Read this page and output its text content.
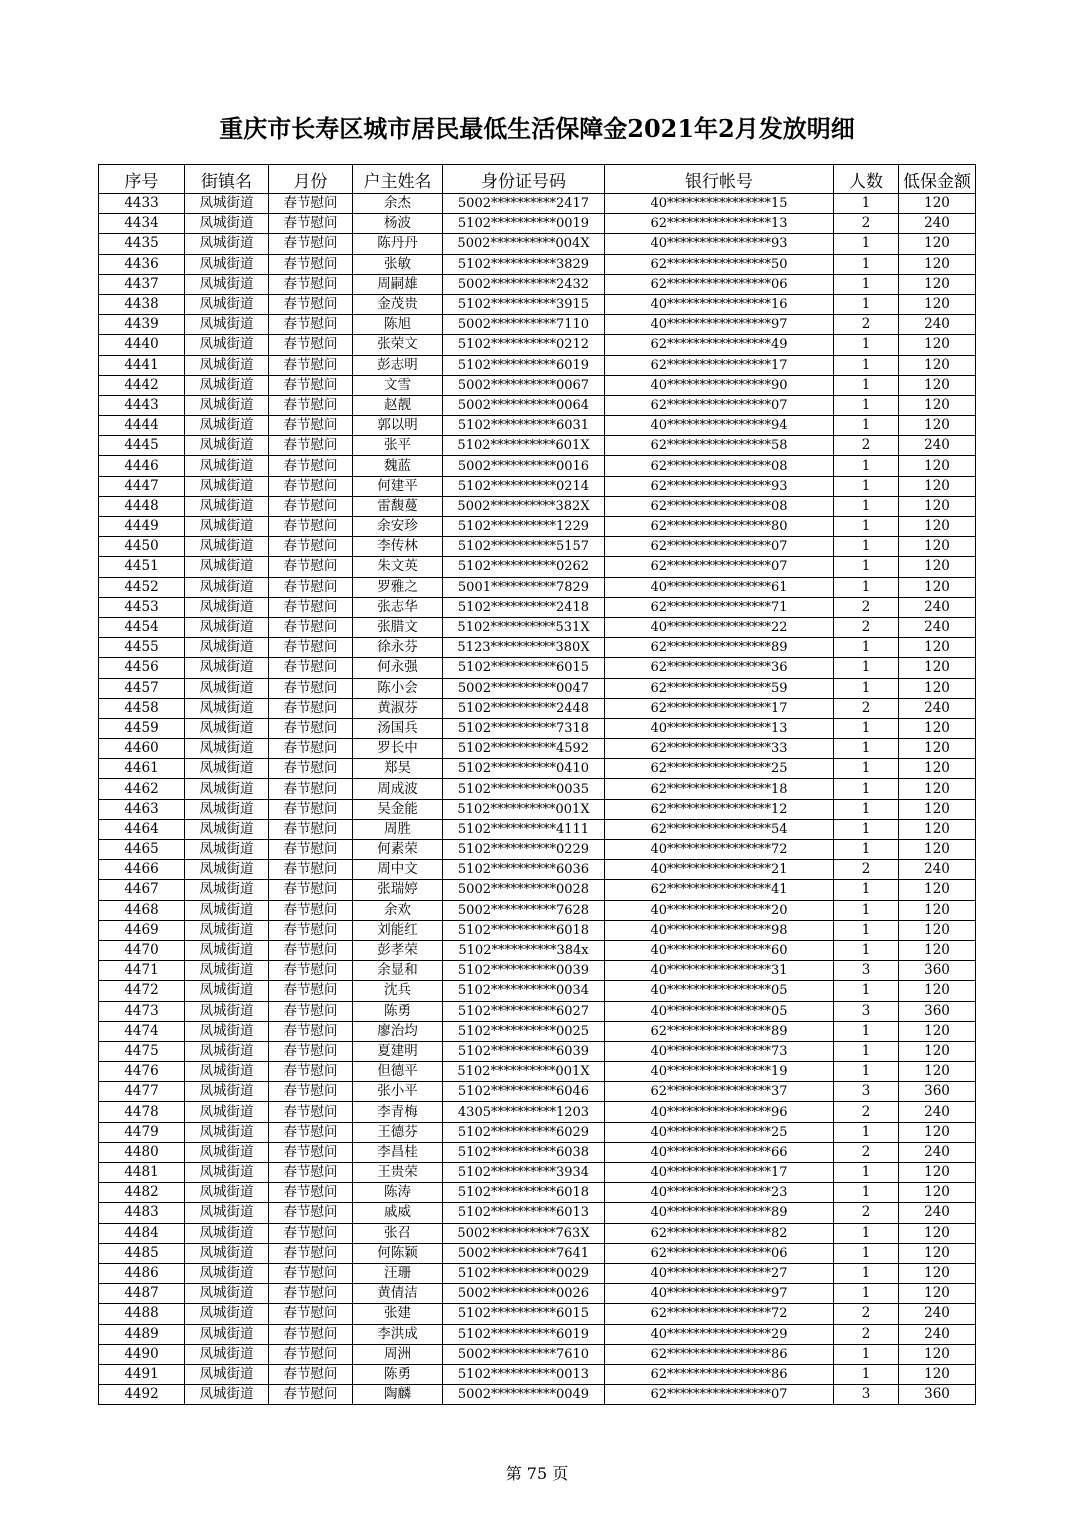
重庆市长寿区城市居民最低生活保障金2021年2月发放明细
序号	街镇名	月份	户主姓名	身份证号码	银行帐号	人数	低保金额
4433	凤城街道	春节慰问	余杰	5002**********2417	40****************15	1	120
4434	凤城街道	春节慰问	杨波	5102**********0019	62****************13	2	240
4435	凤城街道	春节慰问	陈丹丹	5002**********004X	40****************93	1	120
4436	凤城街道	春节慰问	张敏	5102**********3829	62****************50	1	120
4437	凤城街道	春节慰问	周嗣雄	5002**********2432	62****************06	1	120
4438	凤城街道	春节慰问	金茂贵	5102**********3915	40****************16	1	120
4439	凤城街道	春节慰问	陈旭	5002**********7110	40****************97	2	240
4440	凤城街道	春节慰问	张荣文	5102**********0212	62****************49	1	120
4441	凤城街道	春节慰问	彭志明	5102**********6019	62****************17	1	120
4442	凤城街道	春节慰问	文雪	5002**********0067	40****************90	1	120
4443	凤城街道	春节慰问	赵靓	5002**********0064	62****************07	1	120
4444	凤城街道	春节慰问	郭以明	5102**********6031	40****************94	1	120
4445	凤城街道	春节慰问	张平	5102**********601X	62****************58	2	240
4446	凤城街道	春节慰问	魏蓝	5002**********0016	62****************08	1	120
4447	凤城街道	春节慰问	何建平	5102**********0214	62****************93	1	120
4448	凤城街道	春节慰问	雷馥蔓	5002**********382X	62****************08	1	120
4449	凤城街道	春节慰问	余安珍	5102**********1229	62****************80	1	120
4450	凤城街道	春节慰问	李传林	5102**********5157	62****************07	1	120
4451	凤城街道	春节慰问	朱文英	5102**********0262	62****************07	1	120
4452	凤城街道	春节慰问	罗雅之	5001**********7829	40****************61	1	120
4453	凤城街道	春节慰问	张志华	5102**********2418	62****************71	2	240
4454	凤城街道	春节慰问	张腊文	5102**********531X	40****************22	2	240
4455	凤城街道	春节慰问	徐永芬	5123**********380X	62****************89	1	120
4456	凤城街道	春节慰问	何永强	5102**********6015	62****************36	1	120
4457	凤城街道	春节慰问	陈小会	5002**********0047	62****************59	1	120
4458	凤城街道	春节慰问	黄淑芬	5102**********2448	62****************17	2	240
4459	凤城街道	春节慰问	汤国兵	5102**********7318	40****************13	1	120
4460	凤城街道	春节慰问	罗长中	5102**********4592	62****************33	1	120
4461	凤城街道	春节慰问	郑昊	5102**********0410	62****************25	1	120
4462	凤城街道	春节慰问	周成波	5102**********0035	62****************18	1	120
4463	凤城街道	春节慰问	吴金能	5102**********001X	62****************12	1	120
4464	凤城街道	春节慰问	周胜	5102**********4111	62****************54	1	120
4465	凤城街道	春节慰问	何素荣	5102**********0229	40****************72	1	120
4466	凤城街道	春节慰问	周中文	5102**********6036	40****************21	2	240
4467	凤城街道	春节慰问	张瑞婷	5002**********0028	62****************41	1	120
4468	凤城街道	春节慰问	余欢	5002**********7628	40****************20	1	120
4469	凤城街道	春节慰问	刘能红	5102**********6018	40****************98	1	120
4470	凤城街道	春节慰问	彭孝荣	5102**********384x	40****************60	1	120
4471	凤城街道	春节慰问	余显和	5102**********0039	40****************31	3	360
4472	凤城街道	春节慰问	沈兵	5102**********0034	40****************05	1	120
4473	凤城街道	春节慰问	陈勇	5102**********6027	40****************05	3	360
4474	凤城街道	春节慰问	廖治均	5102**********0025	62****************89	1	120
4475	凤城街道	春节慰问	夏建明	5102**********6039	40****************73	1	120
4476	凤城街道	春节慰问	但德平	5102**********001X	40****************19	1	120
4477	凤城街道	春节慰问	张小平	5102**********6046	62****************37	3	360
4478	凤城街道	春节慰问	李青梅	4305**********1203	40****************96	2	240
4479	凤城街道	春节慰问	王德芬	5102**********6029	40****************25	1	120
4480	凤城街道	春节慰问	李昌桂	5102**********6038	40****************66	2	240
4481	凤城街道	春节慰问	王贵荣	5102**********3934	40****************17	1	120
4482	凤城街道	春节慰问	陈涛	5102**********6018	40****************23	1	120
4483	凤城街道	春节慰问	戚威	5102**********6013	40****************89	2	240
4484	凤城街道	春节慰问	张召	5002**********763X	62****************82	1	120
4485	凤城街道	春节慰问	何陈颖	5002**********7641	62****************06	1	120
4486	凤城街道	春节慰问	汪珊	5102**********0029	40****************27	1	120
4487	凤城街道	春节慰问	黄倩洁	5002**********0026	40****************97	1	120
4488	凤城街道	春节慰问	张建	5102**********6015	62****************72	2	240
4489	凤城街道	春节慰问	李洪成	5102**********6019	40****************29	2	240
4490	凤城街道	春节慰问	周洲	5002**********7610	62****************86	1	120
4491	凤城街道	春节慰问	陈勇	5102**********0013	62****************86	1	120
4492	凤城街道	春节慰问	陶麟	5002**********0049	62****************07	3	360
第 75 页
